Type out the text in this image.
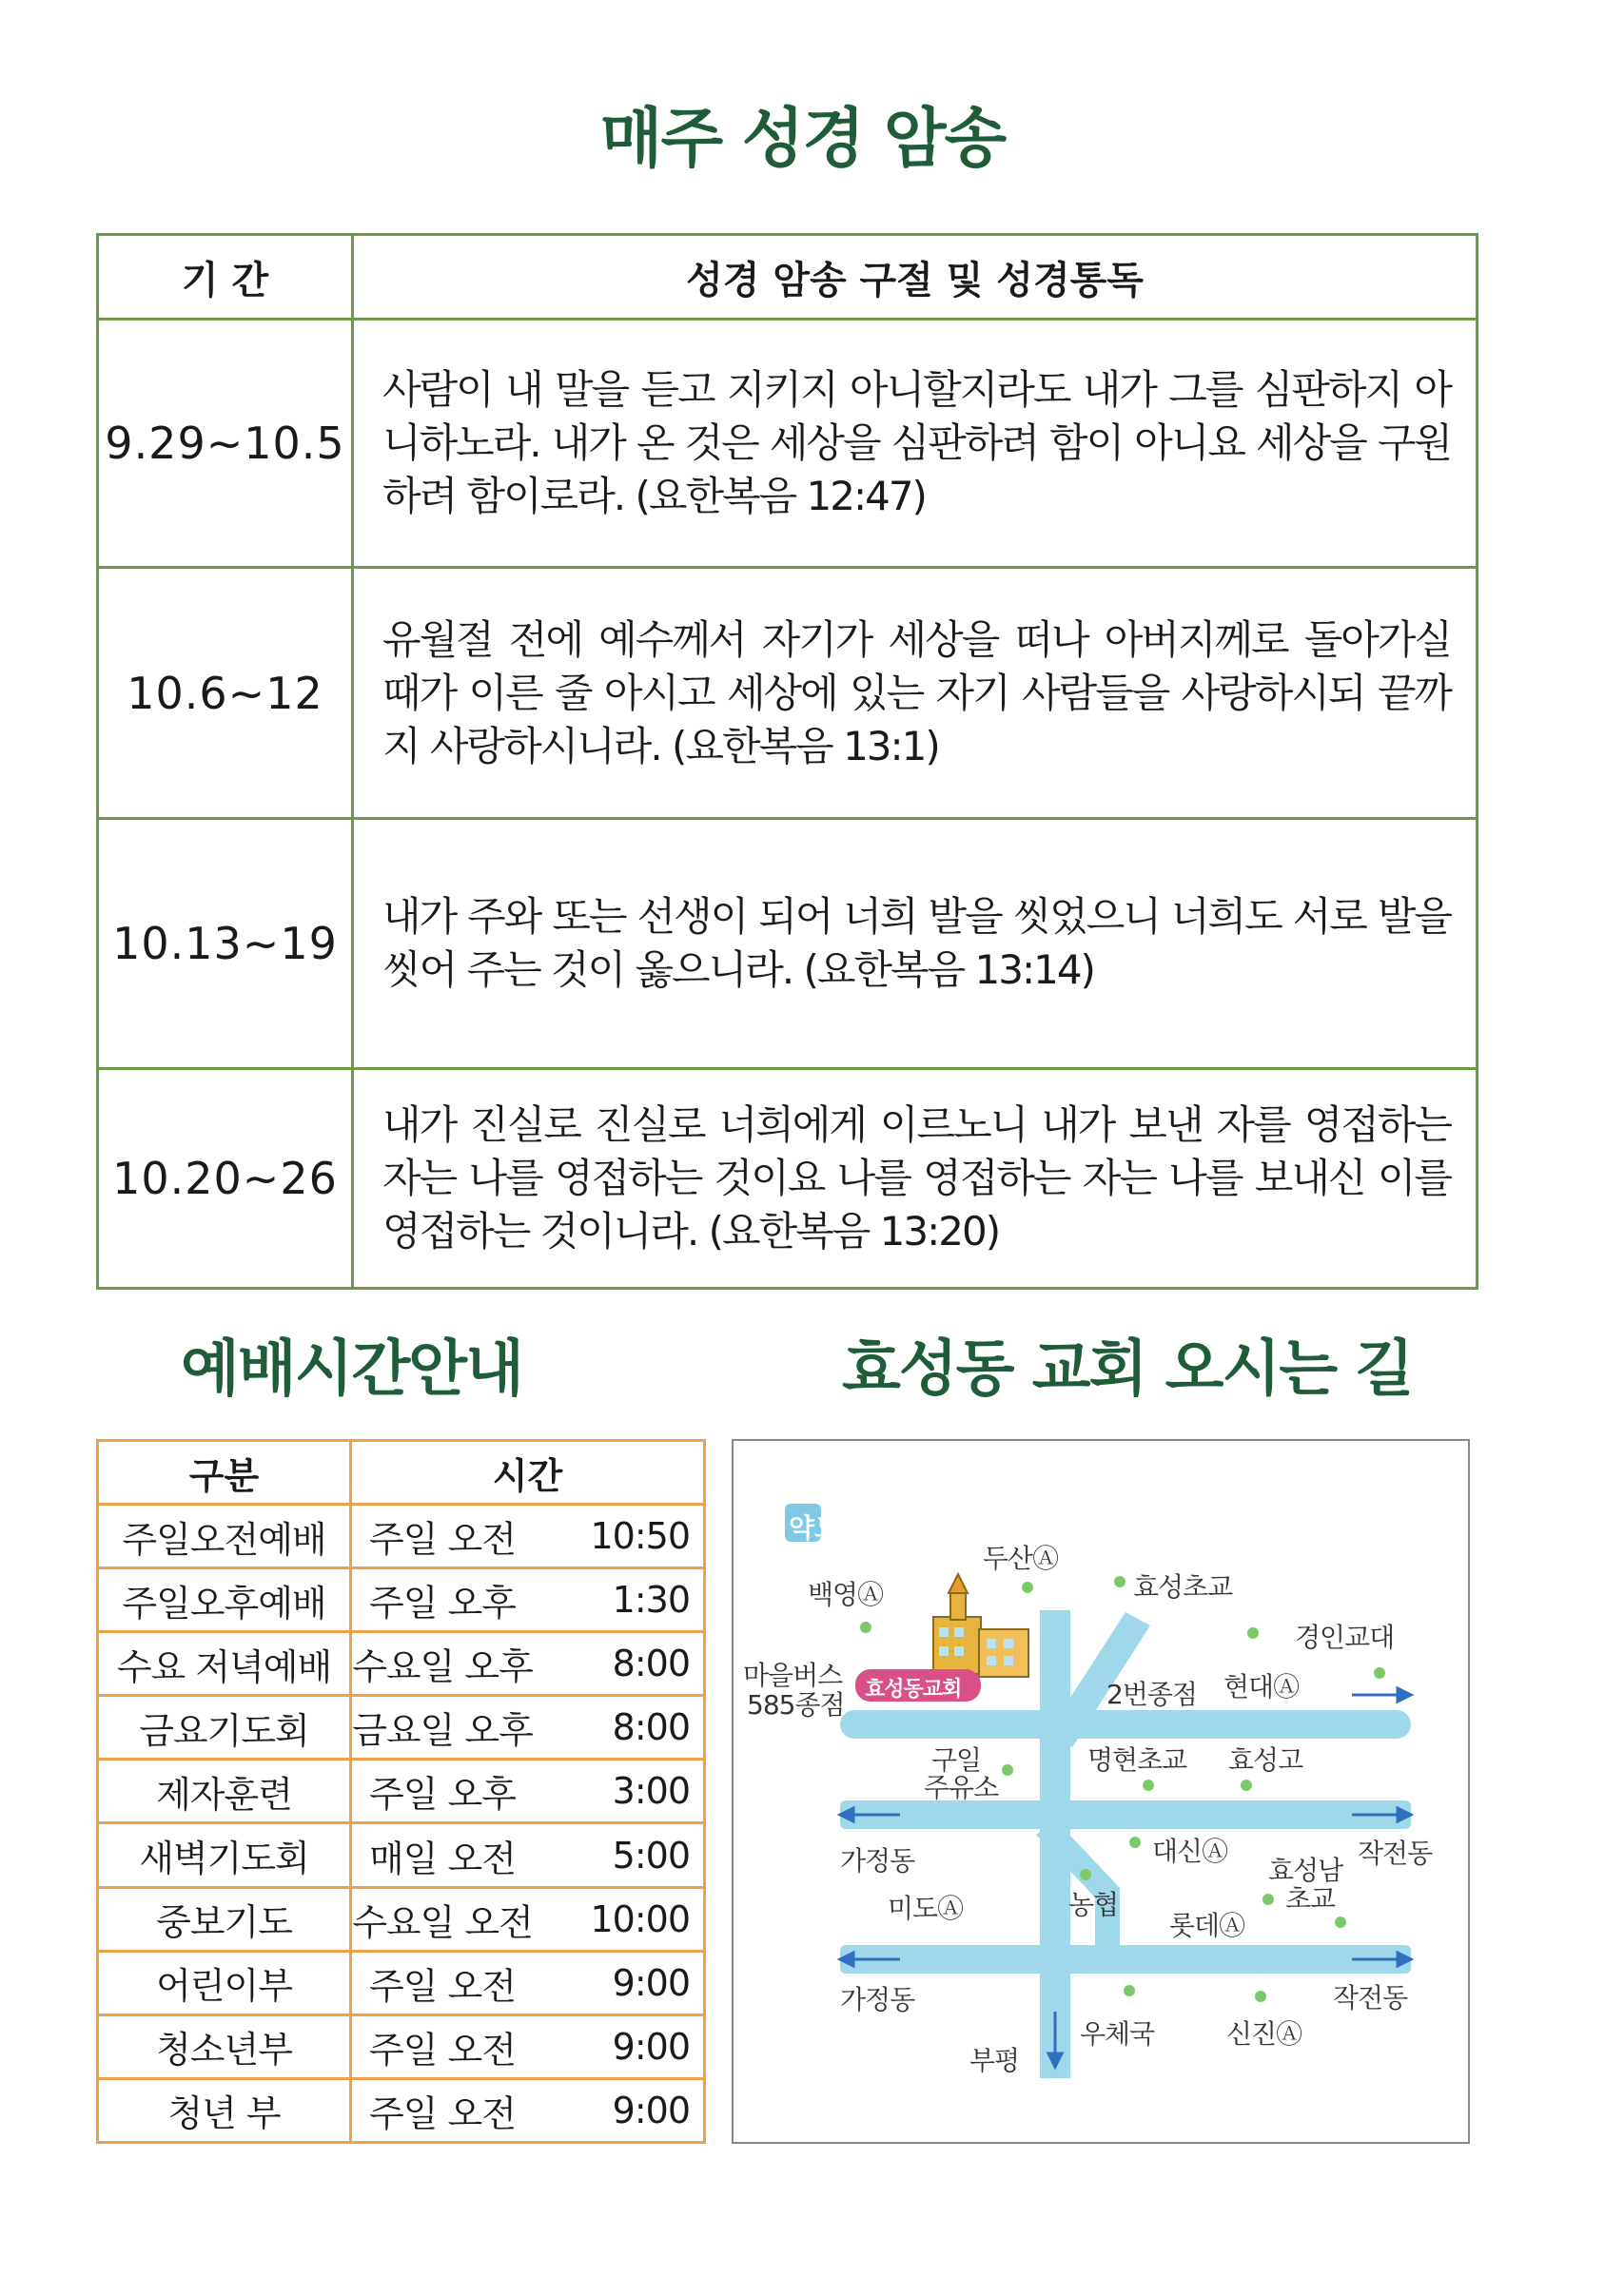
매주 성경 암송
기 간	성경 암송 구절 및 성경통독
9.29~10.5	사람이 내 말을 듣고 지키지 아니할지라도 내가 그를 심판하지 아니하노라. 내가 온 것은 세상을 심판하려 함이 아니요 세상을 구원하려 함이로라. (요한복음 12:47)
10.6~12	유월절 전에 예수께서 자기가 세상을 떠나 아버지께로 돌아가실 때가 이른 줄 아시고 세상에 있는 자기 사람들을 사랑하시되 끝까지 사랑하시니라. (요한복음 13:1)
10.13~19	내가 주와 또는 선생이 되어 너희 발을 씻었으니 너희도 서로 발을 씻어 주는 것이 옳으니라. (요한복음 13:14)
10.20~26	내가 진실로 진실로 너희에게 이르노니 내가 보낸 자를 영접하는 자는 나를 영접하는 것이요 나를 영접하는 자는 나를 보내신 이를 영접하는 것이니라. (요한복음 13:20)
예배시간안내	효성동 교회 오시는 길
구분	시간
주일오전예배	주일 오전 10:50

주일오후예배	주일 오후 1:30

수요 저녁예배	수요일 오후 8:00

금요기도회	금요일 오후 8:00

제자훈련	주일 오후 3:00

새벽기도회	매일 오전 5:00

중보기도	수요일 오전 10:00

어린이부	주일 오전 9:00

청소년부	주일 오전 9:00

청년 부	주일 오전 9:00
약도
효성동교회
두산Ⓐ
효성초교
백영Ⓐ
경인교대
마을버스
585종점	2번종점 현대Ⓐ
구일
주유소
명현초교 효성고
가정동	대신Ⓐ	작전동
효성남
초교
미도Ⓐ	농협
롯데Ⓐ
가정동	작전동
우체국	신진Ⓐ
부평
